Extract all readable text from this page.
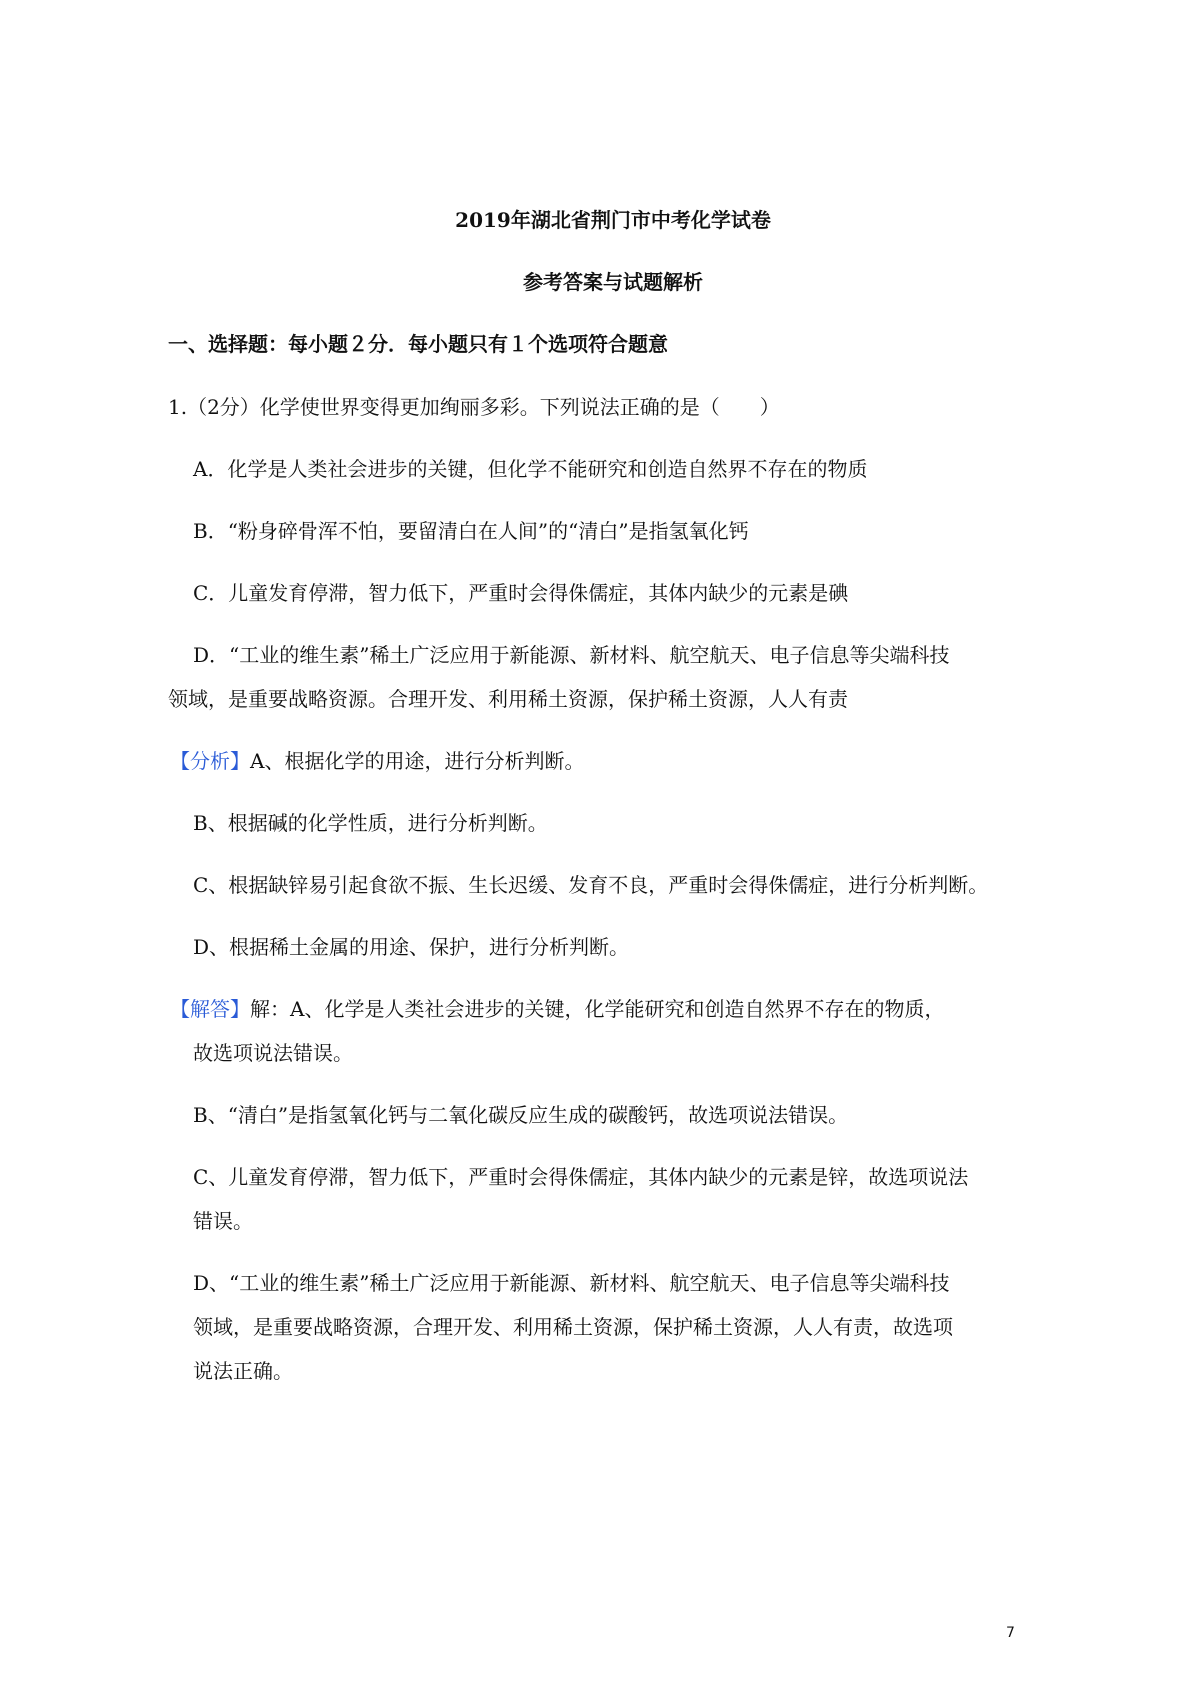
2019年湖北省荆门市中考化学试卷
参考答案与试题解析
一、选择题：每小题２分．每小题只有１个选项符合题意
1.（2分）化学使世界变得更加绚丽多彩。下列说法正确的是（　　）
A．化学是人类社会进步的关键，但化学不能研究和创造自然界不存在的物质
B．“粉身碎骨浑不怕，要留清白在人间”的“清白”是指氢氧化钙
C．儿童发育停滞，智力低下，严重时会得侏儒症，其体内缺少的元素是碘
D．“工业的维生素”稀土广泛应用于新能源、新材料、航空航天、电子信息等尖端科技
领域，是重要战略资源。合理开发、利用稀土资源，保护稀土资源，人人有责
【分析】A、根据化学的用途，进行分析判断。
B、根据碱的化学性质，进行分析判断。
C、根据缺锌易引起食欲不振、生长迟缓、发育不良，严重时会得侏儒症，进行分析判断。
D、根据稀土金属的用途、保护，进行分析判断。
【解答】解：A、化学是人类社会进步的关键，化学能研究和创造自然界不存在的物质，
故选项说法错误。
B、“清白”是指氢氧化钙与二氧化碳反应生成的碳酸钙，故选项说法错误。
C、儿童发育停滞，智力低下，严重时会得侏儒症，其体内缺少的元素是锌，故选项说法
错误。
D、“工业的维生素”稀土广泛应用于新能源、新材料、航空航天、电子信息等尖端科技
领域，是重要战略资源，合理开发、利用稀土资源，保护稀土资源，人人有责，故选项
说法正确。
7
